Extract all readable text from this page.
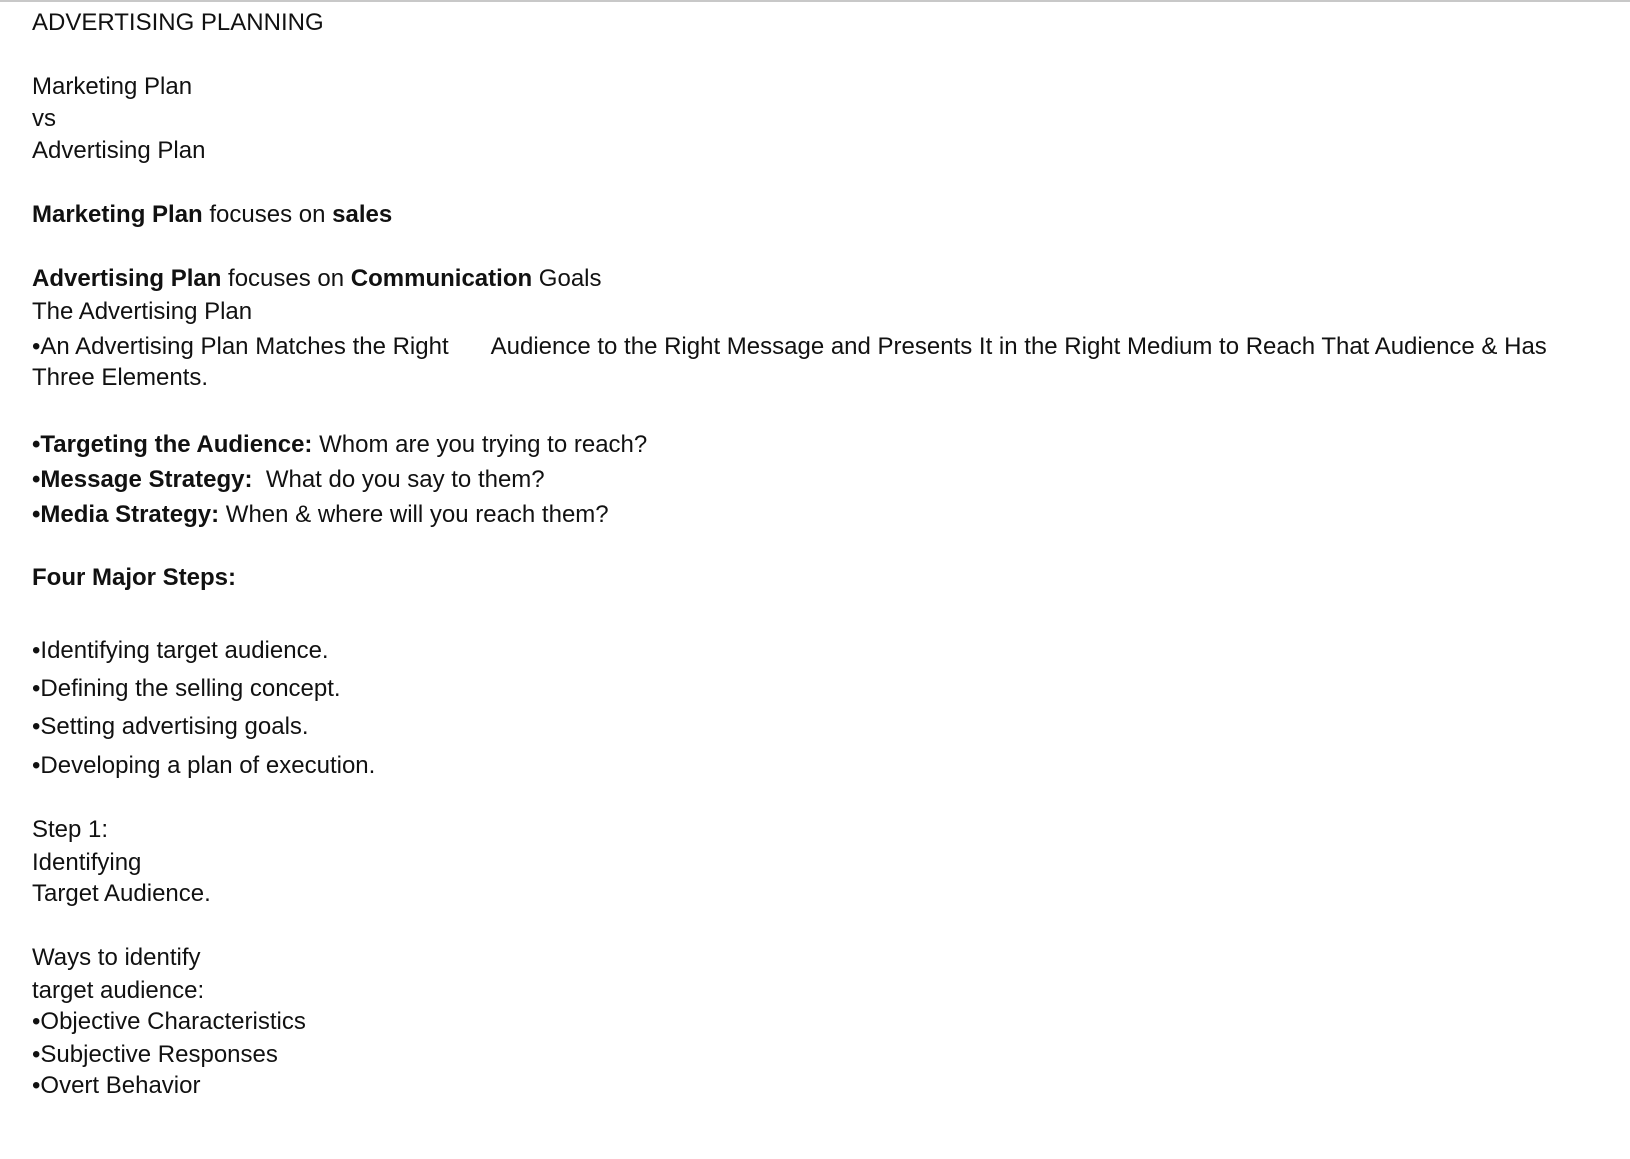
ADVERTISING PLANNING
Marketing Plan
vs
Advertising Plan
Marketing Plan focuses on sales
Advertising Plan focuses on Communication Goals
The Advertising Plan
•An Advertising Plan Matches the Right Audience to the Right Message and Presents It in the Right Medium to Reach That Audience & Has
Three Elements.
•Targeting the Audience: Whom are you trying to reach?
•Message Strategy:  What do you say to them?
•Media Strategy: When & where will you reach them?
Four Major Steps:
•Identifying target audience.
•Defining the selling concept.
•Setting advertising goals.
•Developing a plan of execution.
Step 1:
Identifying
Target Audience.
Ways to identify
target audience:
•Objective Characteristics
•Subjective Responses
•Overt Behavior
